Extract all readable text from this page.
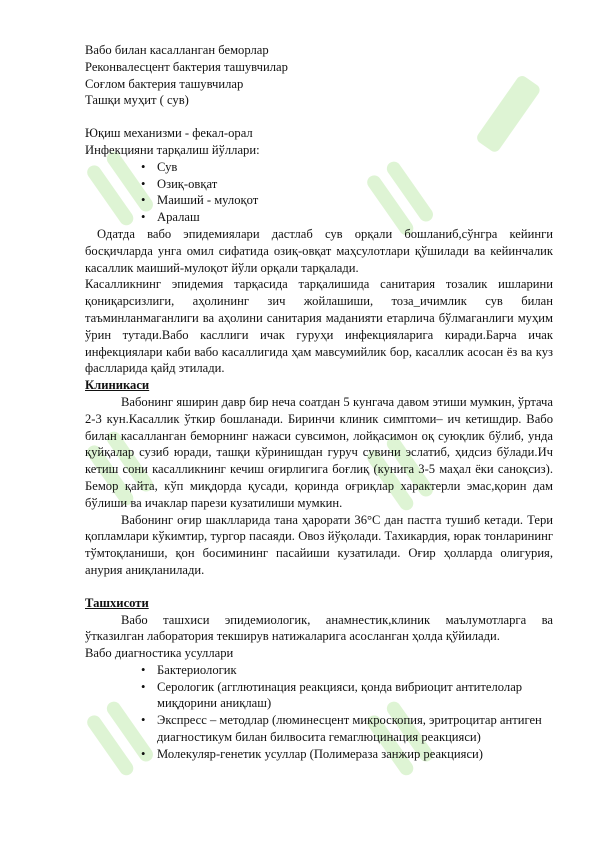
Вабо билан касалланган беморлар
Реконвалесцент бактерия ташувчилар
Соғлом бактерия ташувчилар
Ташқи муҳит ( сув)
Юқиш механизми - фекал-орал
Инфекцияни тарқалиш йўллари:
• Сув
• Озиқ-овқат
• Маиший - мулоқот
• Аралаш

Одатда вабо эпидемиялари дастлаб сув орқали бошланиб,сўнгра кейинги босқичларда унга омил сифатида озиқ-овқат маҳсулотлари қўшилади ва кейинчалик касаллик маиший-мулоқот йўли орқали тарқалади.

Касалликнинг эпидемия тарқасида тарқалишида санитария тозалик ишларини қониқарсизлиги, аҳолининг зич жойлашиши, тоза_ичимлик сув билан таъминланмаганлиги ва аҳолини санитария маданияти етарлича бўлмаганлиги муҳим ўрин тутади.Вабо касллиги ичак гуруҳи инфекцияларига киради.Барча ичак инфекциялари каби вабо касаллигида ҳам мавсумийлик бор, касаллик асосан ёз ва куз фаслларида қайд этилади.

Клиникаси

Вабонинг яширин давр бир неча соатдан 5 кунгача давом этиши мумкин, ўртача 2-3 кун.Касаллик ўткир бошланади. Биринчи клиник симптоми– ич кетишдир. Вабо билан касалланган беморнинг нажаси сувсимон, лойқасимон оқ суюқлик бўлиб, унда қуйқалар сузиб юради, ташқи кўринишдан гуруч сувини эслатиб, ҳидсиз бўлади.Ич кетиш сони касалликнинг кечиш оғирлигига боғлиқ (кунига 3-5 маҳал ёки саноқсиз). Бемор қайта, кўп миқдорда қусади, қоринда оғриқлар характерли эмас,қорин дам бўлиши ва ичаклар парези кузатилиши мумкин.

Вабонинг оғир шаклларида тана ҳарорати 36°С дан пастга тушиб кетади. Тери қопламлари кўкимтир, тургор пасаяди. Овоз йўқолади. Тахикардия, юрак тонларининг тўмтоқланиши, қон босимининг пасайиши кузатилади. Оғир ҳолларда олигурия, анурия аниқланилади.

Ташхисоти

Вабо ташхиси эпидемиологик, анамнестик,клиник маълумотларга ва ўтказилган лаборатория текширув натижаларига асосланган ҳолда қўйилади.

Вабо диагностика усуллари
• Бактериологик
• Серологик (агглютинация реакцияси, қонда вибриоцит антителолар миқдорини аниқлаш)
• Экспресс – методлар (люминесцент микроскопия, эритроцитар антиген диагностикум билан билвосита гемаглюцинация реакцияси)
• Молекуляр-генетик усуллар (Полимераза занжир реакцияси)
